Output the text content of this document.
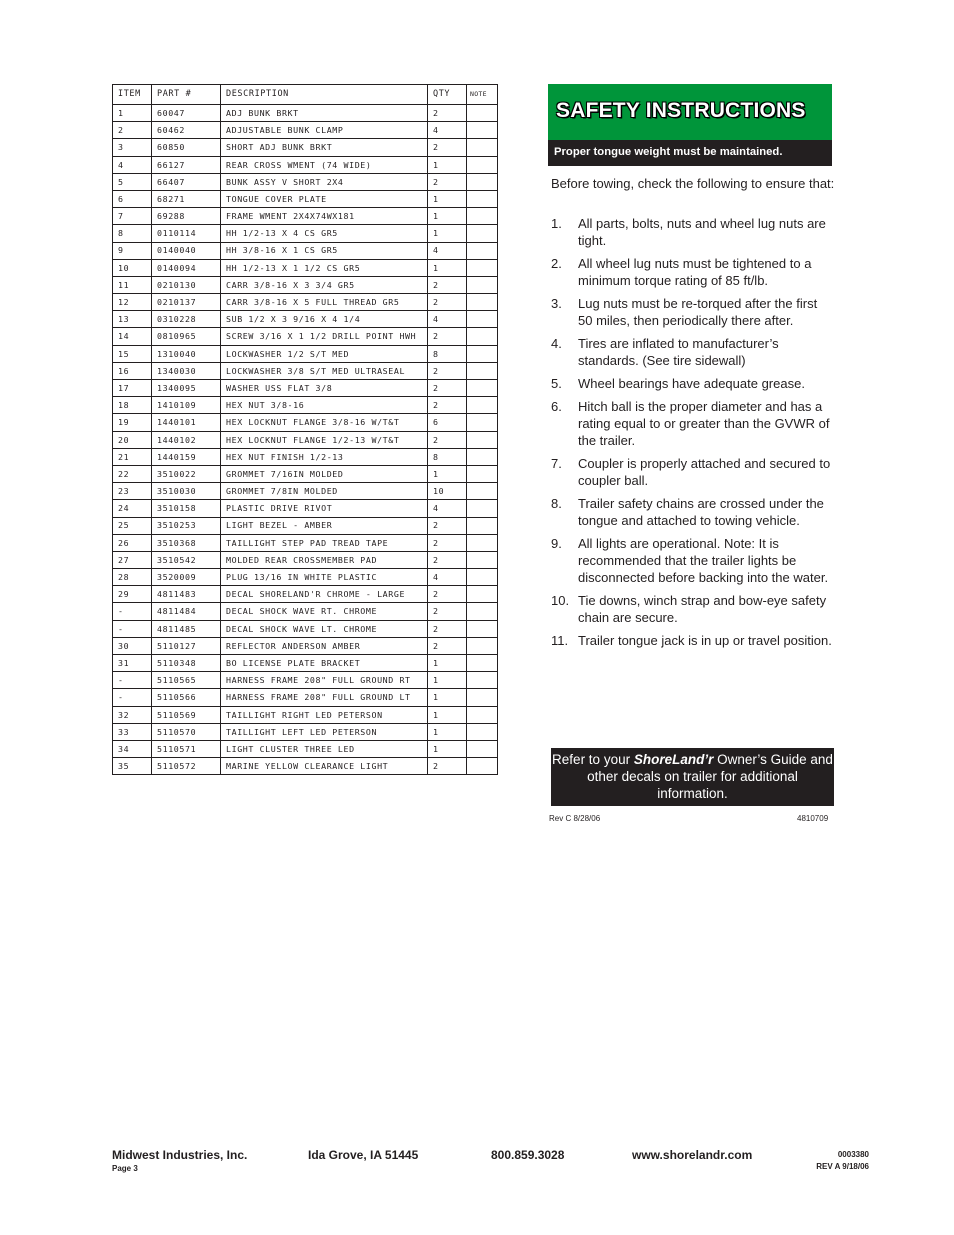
ITEM	PART #	DESCRIPTION	QTY	NOTE
1	60047	ADJ BUNK BRKT	2	
2	60462	ADJUSTABLE BUNK CLAMP	4	
3	60850	SHORT ADJ BUNK BRKT	2	
4	66127	REAR CROSS WMENT (74 WIDE)	1	
5	66407	BUNK ASSY V SHORT 2X4	2	
6	68271	TONGUE COVER PLATE	1	
7	69288	FRAME WMENT 2X4X74WX181	1	
8	0110114	HH 1/2-13 X 4 CS GR5	1	
9	0140040	HH 3/8-16 X 1 CS GR5	4	
10	0140094	HH 1/2-13 X 1 1/2 CS GR5	1	
11	0210130	CARR 3/8-16 X 3 3/4 GR5	2	
12	0210137	CARR 3/8-16 X 5 FULL THREAD GR5	2	
13	0310228	SUB 1/2 X 3 9/16 X 4 1/4	4	
14	0810965	SCREW 3/16 X 1 1/2 DRILL POINT HWH	2	
15	1310040	LOCKWASHER 1/2 S/T MED	8	
16	1340030	LOCKWASHER 3/8 S/T MED ULTRASEAL	2	
17	1340095	WASHER USS FLAT 3/8	2	
18	1410109	HEX NUT 3/8-16	2	
19	1440101	HEX LOCKNUT FLANGE 3/8-16 W/T&T	6	
20	1440102	HEX LOCKNUT FLANGE 1/2-13 W/T&T	2	
21	1440159	HEX NUT FINISH 1/2-13	8	
22	3510022	GROMMET 7/16IN MOLDED	1	
23	3510030	GROMMET 7/8IN MOLDED	10	
24	3510158	PLASTIC DRIVE RIVOT	4	
25	3510253	LIGHT BEZEL - AMBER	2	
26	3510368	TAILLIGHT STEP PAD TREAD TAPE	2	
27	3510542	MOLDED REAR CROSSMEMBER PAD	2	
28	3520009	PLUG 13/16 IN WHITE PLASTIC	4	
29	4811483	DECAL SHORELAND'R CHROME - LARGE	2	
-	4811484	DECAL SHOCK WAVE RT. CHROME	2	
-	4811485	DECAL SHOCK WAVE LT. CHROME	2	
30	5110127	REFLECTOR ANDERSON AMBER	2	
31	5110348	BO LICENSE PLATE BRACKET	1	
-	5110565	HARNESS FRAME 208" FULL GROUND RT	1	
-	5110566	HARNESS FRAME 208" FULL GROUND LT	1	
32	5110569	TAILLIGHT RIGHT LED PETERSON	1	
33	5110570	TAILLIGHT LEFT LED PETERSON	1	
34	5110571	LIGHT CLUSTER THREE LED	1	
35	5110572	MARINE YELLOW CLEARANCE LIGHT	2	
SAFETY INSTRUCTIONS
Proper tongue weight must be maintained.
Before towing, check the following to ensure that:
1. All parts, bolts, nuts and wheel lug nuts are tight.
2. All wheel lug nuts must be tightened to a minimum torque rating of 85 ft/lb.
3. Lug nuts must be re-torqued after the first 50 miles, then periodically there after.
4. Tires are inflated to manufacturer’s standards. (See tire sidewall)
5. Wheel bearings have adequate grease.
6. Hitch ball is the proper diameter and has a rating equal to or greater than the GVWR of the trailer.
7. Coupler is properly attached and secured to coupler ball.
8. Trailer safety chains are crossed under the tongue and attached to towing vehicle.
9. All lights are operational. Note: It is recommended that the trailer lights be disconnected before backing into the water.
10. Tie downs, winch strap and bow-eye safety chain are secure.
11. Trailer tongue jack is in up or travel position.
Refer to your ShoreLand’r Owner’s Guide and other decals on trailer for additional information.
Rev C 8/28/06	4810709
Midwest Industries, Inc.	Ida Grove, IA 51445	800.859.3028	www.shorelandr.com
Page 3
0003380
REV A 9/18/06
